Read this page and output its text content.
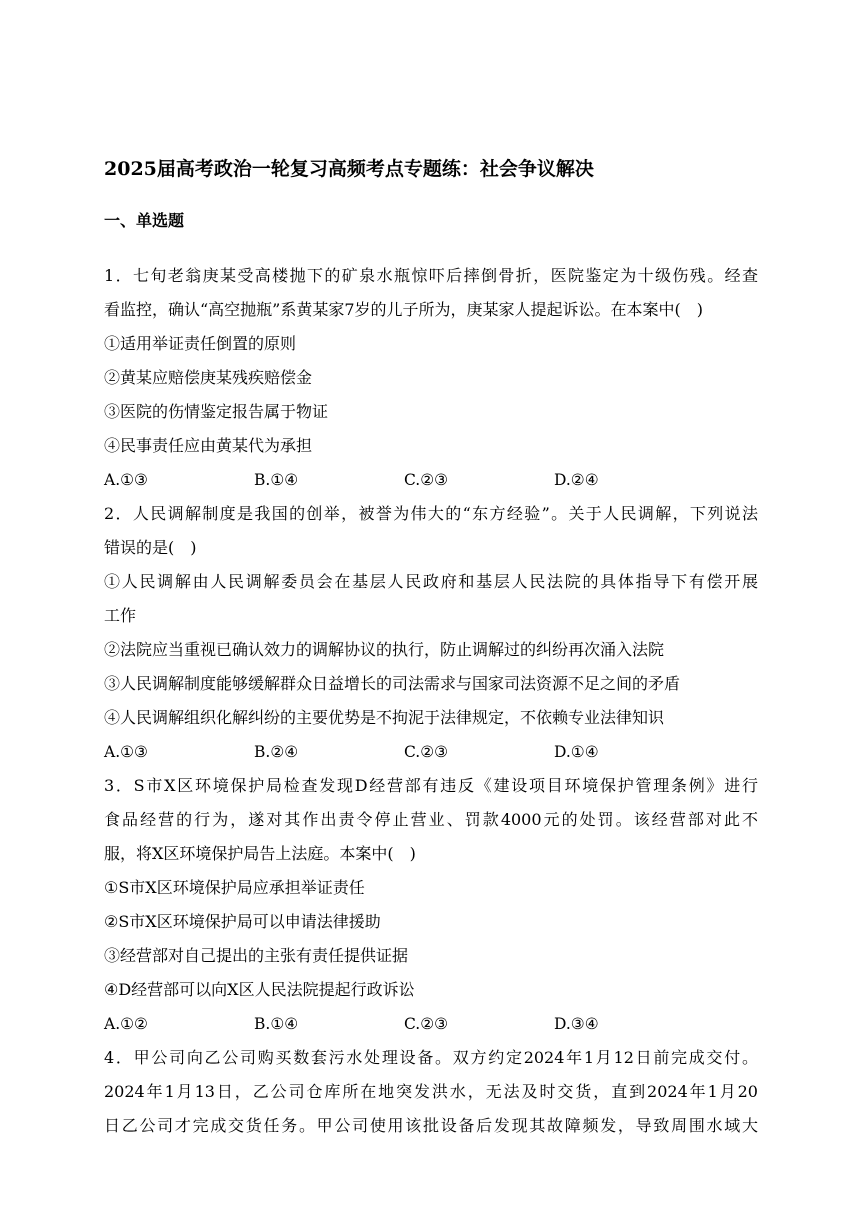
2025届高考政治一轮复习高频考点专题练：社会争议解决
一、单选题
1．七旬老翁庚某受高楼抛下的矿泉水瓶惊吓后摔倒骨折，医院鉴定为十级伤残。经查
看监控，确认“高空抛瓶”系黄某家7岁的儿子所为，庚某家人提起诉讼。在本案中(　)
①适用举证责任倒置的原则
②黄某应赔偿庚某残疾赔偿金
③医院的伤情鉴定报告属于物证
④民事责任应由黄某代为承担
A.①③	B.①④	C.②③	D.②④
2．人民调解制度是我国的创举，被誉为伟大的“东方经验”。关于人民调解，下列说法
错误的是(　)
①人民调解由人民调解委员会在基层人民政府和基层人民法院的具体指导下有偿开展
工作
②法院应当重视已确认效力的调解协议的执行，防止调解过的纠纷再次涌入法院
③人民调解制度能够缓解群众日益增长的司法需求与国家司法资源不足之间的矛盾
④人民调解组织化解纠纷的主要优势是不拘泥于法律规定，不依赖专业法律知识
A.①③	B.②④	C.②③	D.①④
3．S市X区环境保护局检查发现D经营部有违反《建设项目环境保护管理条例》进行
食品经营的行为，遂对其作出责令停止营业、罚款4000元的处罚。该经营部对此不
服，将X区环境保护局告上法庭。本案中(　)
①S市X区环境保护局应承担举证责任
②S市X区环境保护局可以申请法律援助
③经营部对自己提出的主张有责任提供证据
④D经营部可以向X区人民法院提起行政诉讼
A.①②	B.①④	C.②③	D.③④
4．甲公司向乙公司购买数套污水处理设备。双方约定2024年1月12日前完成交付。
2024年1月13日，乙公司仓库所在地突发洪水，无法及时交货，直到2024年1月20
日乙公司才完成交货任务。甲公司使用该批设备后发现其故障频发，导致周围水域大
